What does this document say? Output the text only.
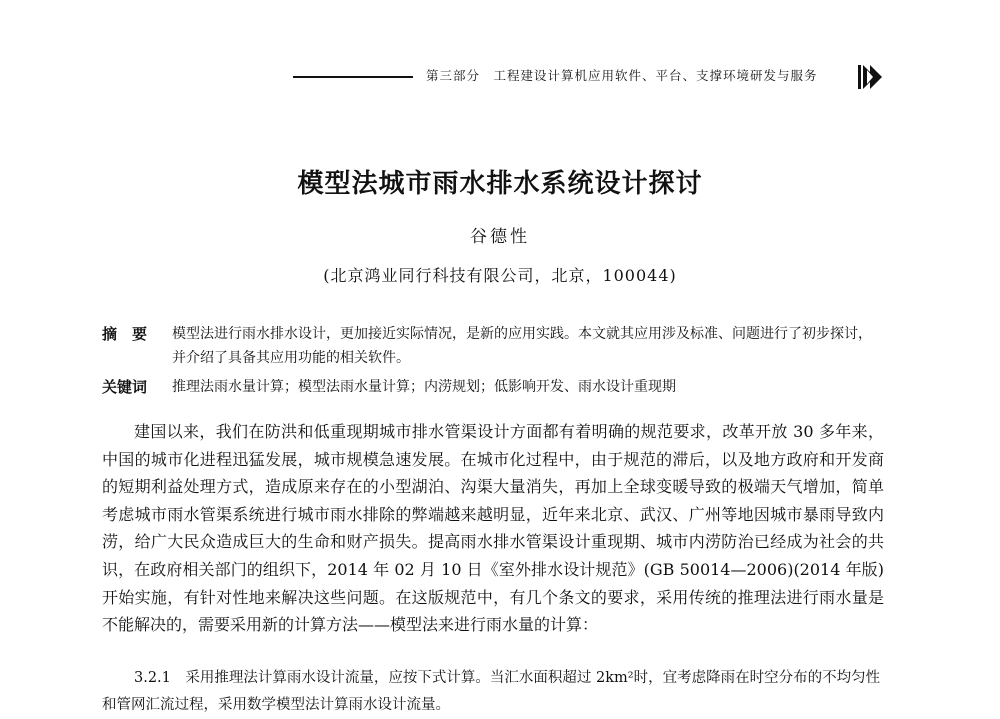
第三部分　工程建设计算机应用软件、平台、支撑环境研发与服务
模型法城市雨水排水系统设计探讨
谷德性
(北京鸿业同行科技有限公司，北京，100044)
摘　要 模型法进行雨水排水设计，更加接近实际情况，是新的应用实践。本文就其应用涉及标准、问题进行了初步探讨，并介绍了具备其应用功能的相关软件。
关键词 推理法雨水量计算；模型法雨水量计算；内涝规划；低影响开发、雨水设计重现期

建国以来，我们在防洪和低重现期城市排水管渠设计方面都有着明确的规范要求，改革开放 30 多年来，中国的城市化进程迅猛发展，城市规模急速发展。在城市化过程中，由于规范的滞后，以及地方政府和开发商的短期利益处理方式，造成原来存在的小型湖泊、沟渠大量消失，再加上全球变暖导致的极端天气增加，简单考虑城市雨水管渠系统进行城市雨水排除的弊端越来越明显，近年来北京、武汉、广州等地因城市暴雨导致内涝，给广大民众造成巨大的生命和财产损失。提高雨水排水管渠设计重现期、城市内涝防治已经成为社会的共识，在政府相关部门的组织下，2014 年 02 月 10 日《室外排水设计规范》(GB 50014—2006)(2014 年版)开始实施，有针对性地来解决这些问题。在这版规范中，有几个条文的要求，采用传统的推理法进行雨水量是不能解决的，需要采用新的计算方法——模型法来进行雨水量的计算：

3.2.1　采用推理法计算雨水设计流量，应按下式计算。当汇水面积超过 2km²时，宜考虑降雨在时空分布的不均匀性和管网汇流过程，采用数学模型法计算雨水设计流量。
